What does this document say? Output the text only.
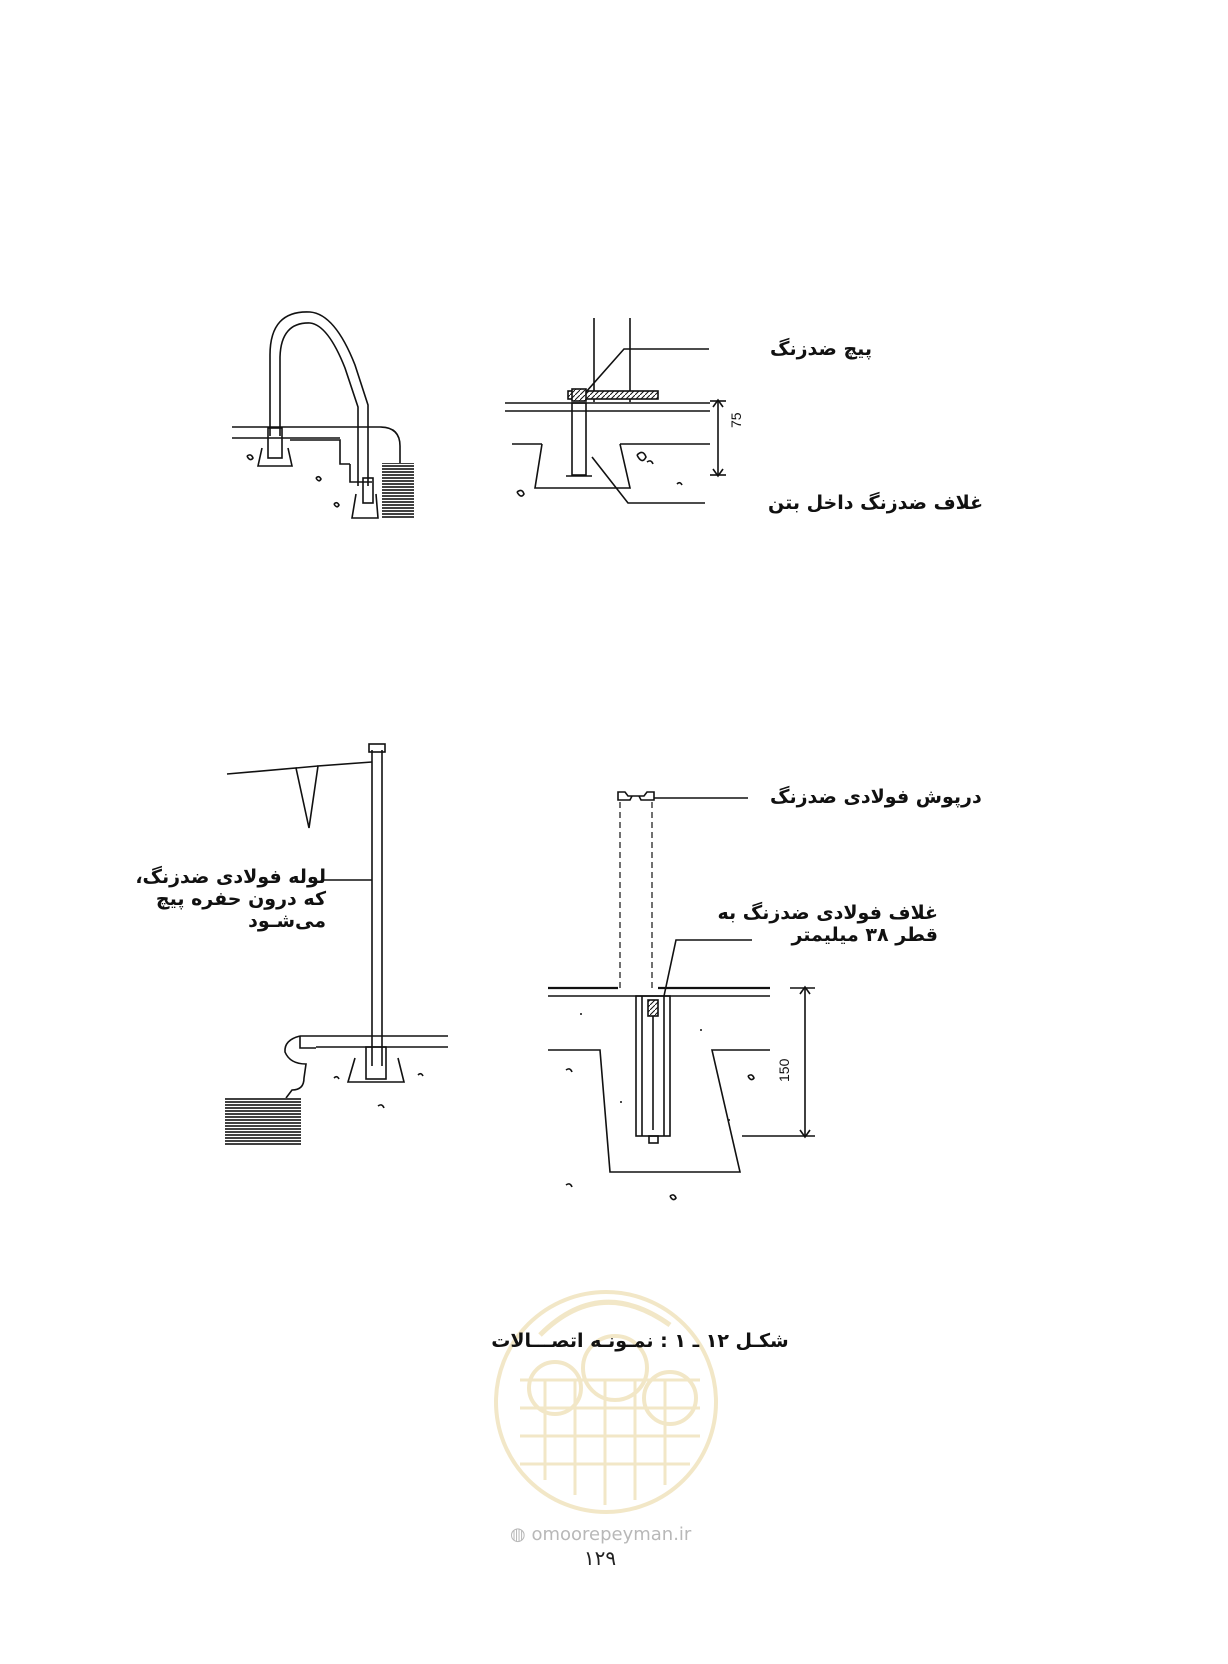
پیچ ضدزنگ
غلاف ضدزنگ داخل بتن
75
لوله فولادی ضدزنگ،
که درون حفره پیچ
می‌شـود
درپوش فولادی ضدزنگ
غلاف فولادی ضدزنگ به
قطر ۳۸ میلیمتر
150
شکـل ۱۲ ـ ۱ : نمـونـه اتصـــالات
◍ omoorepeyman.ir
۱۲۹
